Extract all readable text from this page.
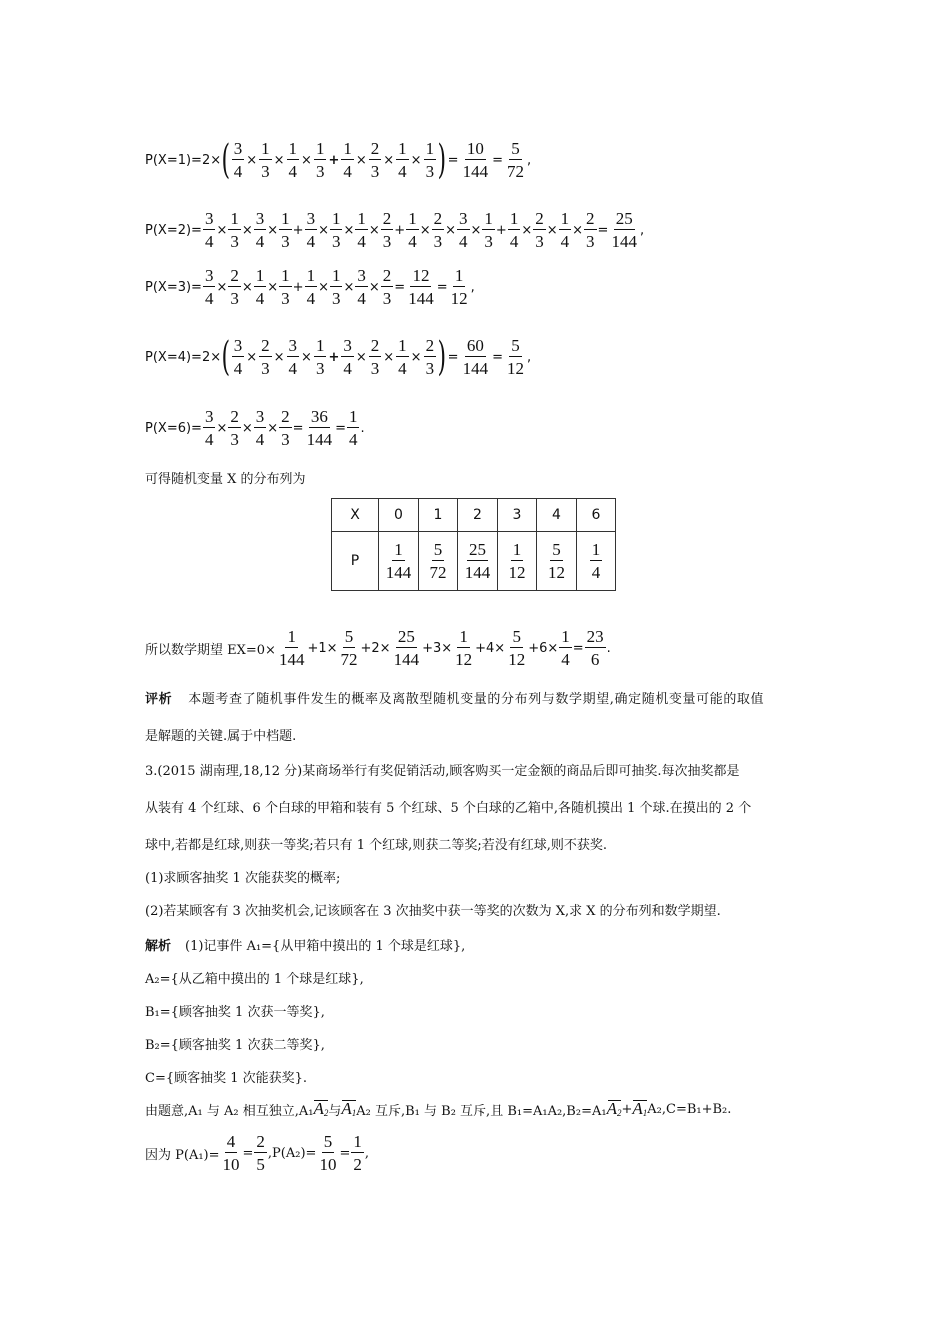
P(X=1)=2× ( $\frac{3}{4} \times \frac{1}{3} \times \frac{1}{4} \times \frac{1}{3} + \frac{1}{4} \times \frac{2}{3} \times \frac{1}{4} \times \frac{1}{3}$ ) = $\frac{10}{144} = \frac{5}{72}$ ,
$P(X=2)= \frac{3}{4} \times \frac{1}{3} \times \frac{3}{4} \times \frac{1}{3} + \frac{3}{4} \times \frac{1}{3} \times \frac{1}{4} \times \frac{2}{3} + \frac{1}{4} \times \frac{2}{3} \times \frac{3}{4} \times \frac{1}{3} + \frac{1}{4} \times \frac{2}{3} \times \frac{1}{4} \times \frac{2}{3} = \frac{25}{144}$ ,
$P(X=3)= \frac{3}{4} \times \frac{2}{3} \times \frac{1}{4} \times \frac{1}{3} + \frac{1}{4} \times \frac{1}{3} \times \frac{3}{4} \times \frac{2}{3} = \frac{12}{144} = \frac{1}{12}$ ,
P(X=4)=2× ( $\frac{3}{4} \times \frac{2}{3} \times \frac{3}{4} \times \frac{1}{3} + \frac{3}{4} \times \frac{2}{3} \times \frac{1}{4} \times \frac{2}{3}$ ) = $\frac{60}{144} = \frac{5}{12}$ ,
$P(X=6)= \frac{3}{4} \times \frac{2}{3} \times \frac{3}{4} \times \frac{2}{3} = \frac{36}{144} = \frac{1}{4}$ .
可得随机变量 X 的分布列为
X	0	1	2	3	4	6
P	$\frac{1}{144}$	$\frac{5}{72}$	$\frac{25}{144}$	$\frac{1}{12}$	$\frac{5}{12}$	$\frac{1}{4}$
所以数学期望 $EX=0\times \frac{1}{144} +1\times \frac{5}{72} +2\times \frac{25}{144} +3\times \frac{1}{12} +4\times \frac{5}{12} +6\times \frac{1}{4} = \frac{23}{6}$ .
评析 本题考查了随机事件发生的概率及离散型随机变量的分布列与数学期望,确定随机变量可能的取值
是解题的关键.属于中档题.
3.(2015 湖南理,18,12 分)某商场举行有奖促销活动,顾客购买一定金额的商品后即可抽奖.每次抽奖都是
从装有 4 个红球、6 个白球的甲箱和装有 5 个红球、5 个白球的乙箱中,各随机摸出 1 个球.在摸出的 2 个
球中,若都是红球,则获一等奖;若只有 1 个红球,则获二等奖;若没有红球,则不获奖.
(1)求顾客抽奖 1 次能获奖的概率;
(2)若某顾客有 3 次抽奖机会,记该顾客在 3 次抽奖中获一等奖的次数为 X,求 X 的分布列和数学期望.
解析 (1)记事件 A₁={从甲箱中摸出的 1 个球是红球},
A₂={从乙箱中摸出的 1 个球是红球},
B₁={顾客抽奖 1 次获一等奖},
B₂={顾客抽奖 1 次获二等奖},
C={顾客抽奖 1 次能获奖}.
由题意,A₁ 与 A₂ 相互独立,A₁ $A_2$ 与 $A_1$ A₂ 互斥,B₁ 与 B₂ 互斥,且 B₁=A₁A₂,B₂=A₁ $A_2 + A_1$ A₂,C=B₁+B₂.
因为 $P(A_1)= \frac{4}{10} = \frac{2}{5} ,P(A_2)= \frac{5}{10} = \frac{1}{2}$ ,
